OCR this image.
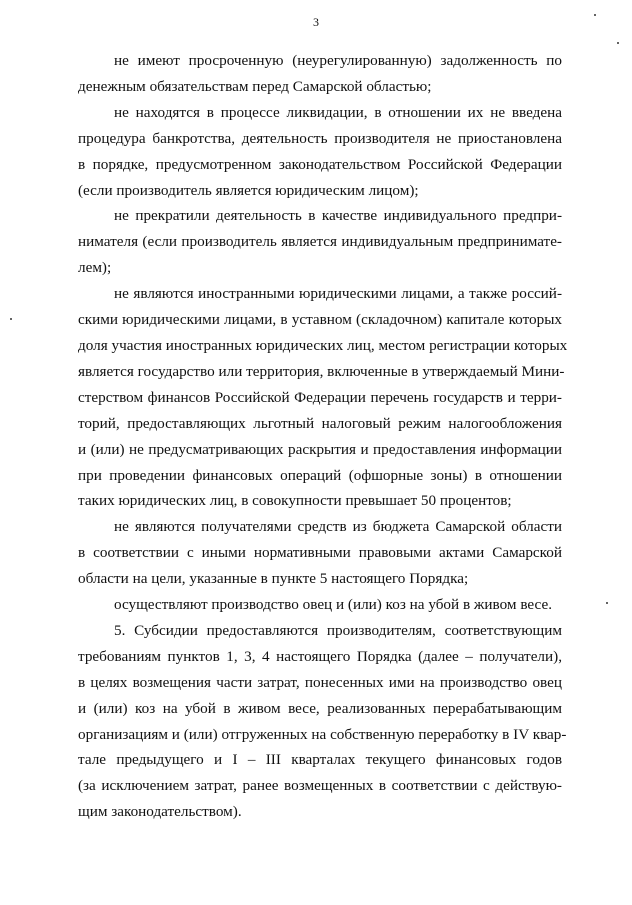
3
не имеют просроченную (неурегулированную) задолженность по
денежным обязательствам перед Самарской областью;
не находятся в процессе ликвидации, в отношении их не введена
процедура банкротства, деятельность производителя не приостановлена
в порядке, предусмотренном законодательством Российской Федерации
(если производитель является юридическим лицом);
не прекратили деятельность в качестве индивидуального предпри-
нимателя (если производитель является индивидуальным предпринимате-
лем);
не являются иностранными юридическими лицами, а также россий-
скими юридическими лицами, в уставном (складочном) капитале которых
доля участия иностранных юридических лиц, местом регистрации которых
является государство или территория, включенные в утверждаемый Мини-
стерством финансов Российской Федерации перечень государств и терри-
торий, предоставляющих льготный налоговый режим налогообложения
и (или) не предусматривающих раскрытия и предоставления информации
при проведении финансовых операций (офшорные зоны) в отношении
таких юридических лиц, в совокупности превышает 50 процентов;
не являются получателями средств из бюджета Самарской области
в соответствии с иными нормативными правовыми актами Самарской
области на цели, указанные в пункте 5 настоящего Порядка;
осуществляют производство овец и (или) коз на убой в живом весе.
5. Субсидии предоставляются производителям, соответствующим
требованиям пунктов 1, 3, 4 настоящего Порядка (далее – получатели),
в целях возмещения части затрат, понесенных ими на производство овец
и (или) коз на убой в живом весе, реализованных перерабатывающим
организациям и (или) отгруженных на собственную переработку в IV квар-
тале предыдущего и I – III кварталах текущего финансовых годов
(за исключением затрат, ранее возмещенных в соответствии с действую-
щим законодательством).
